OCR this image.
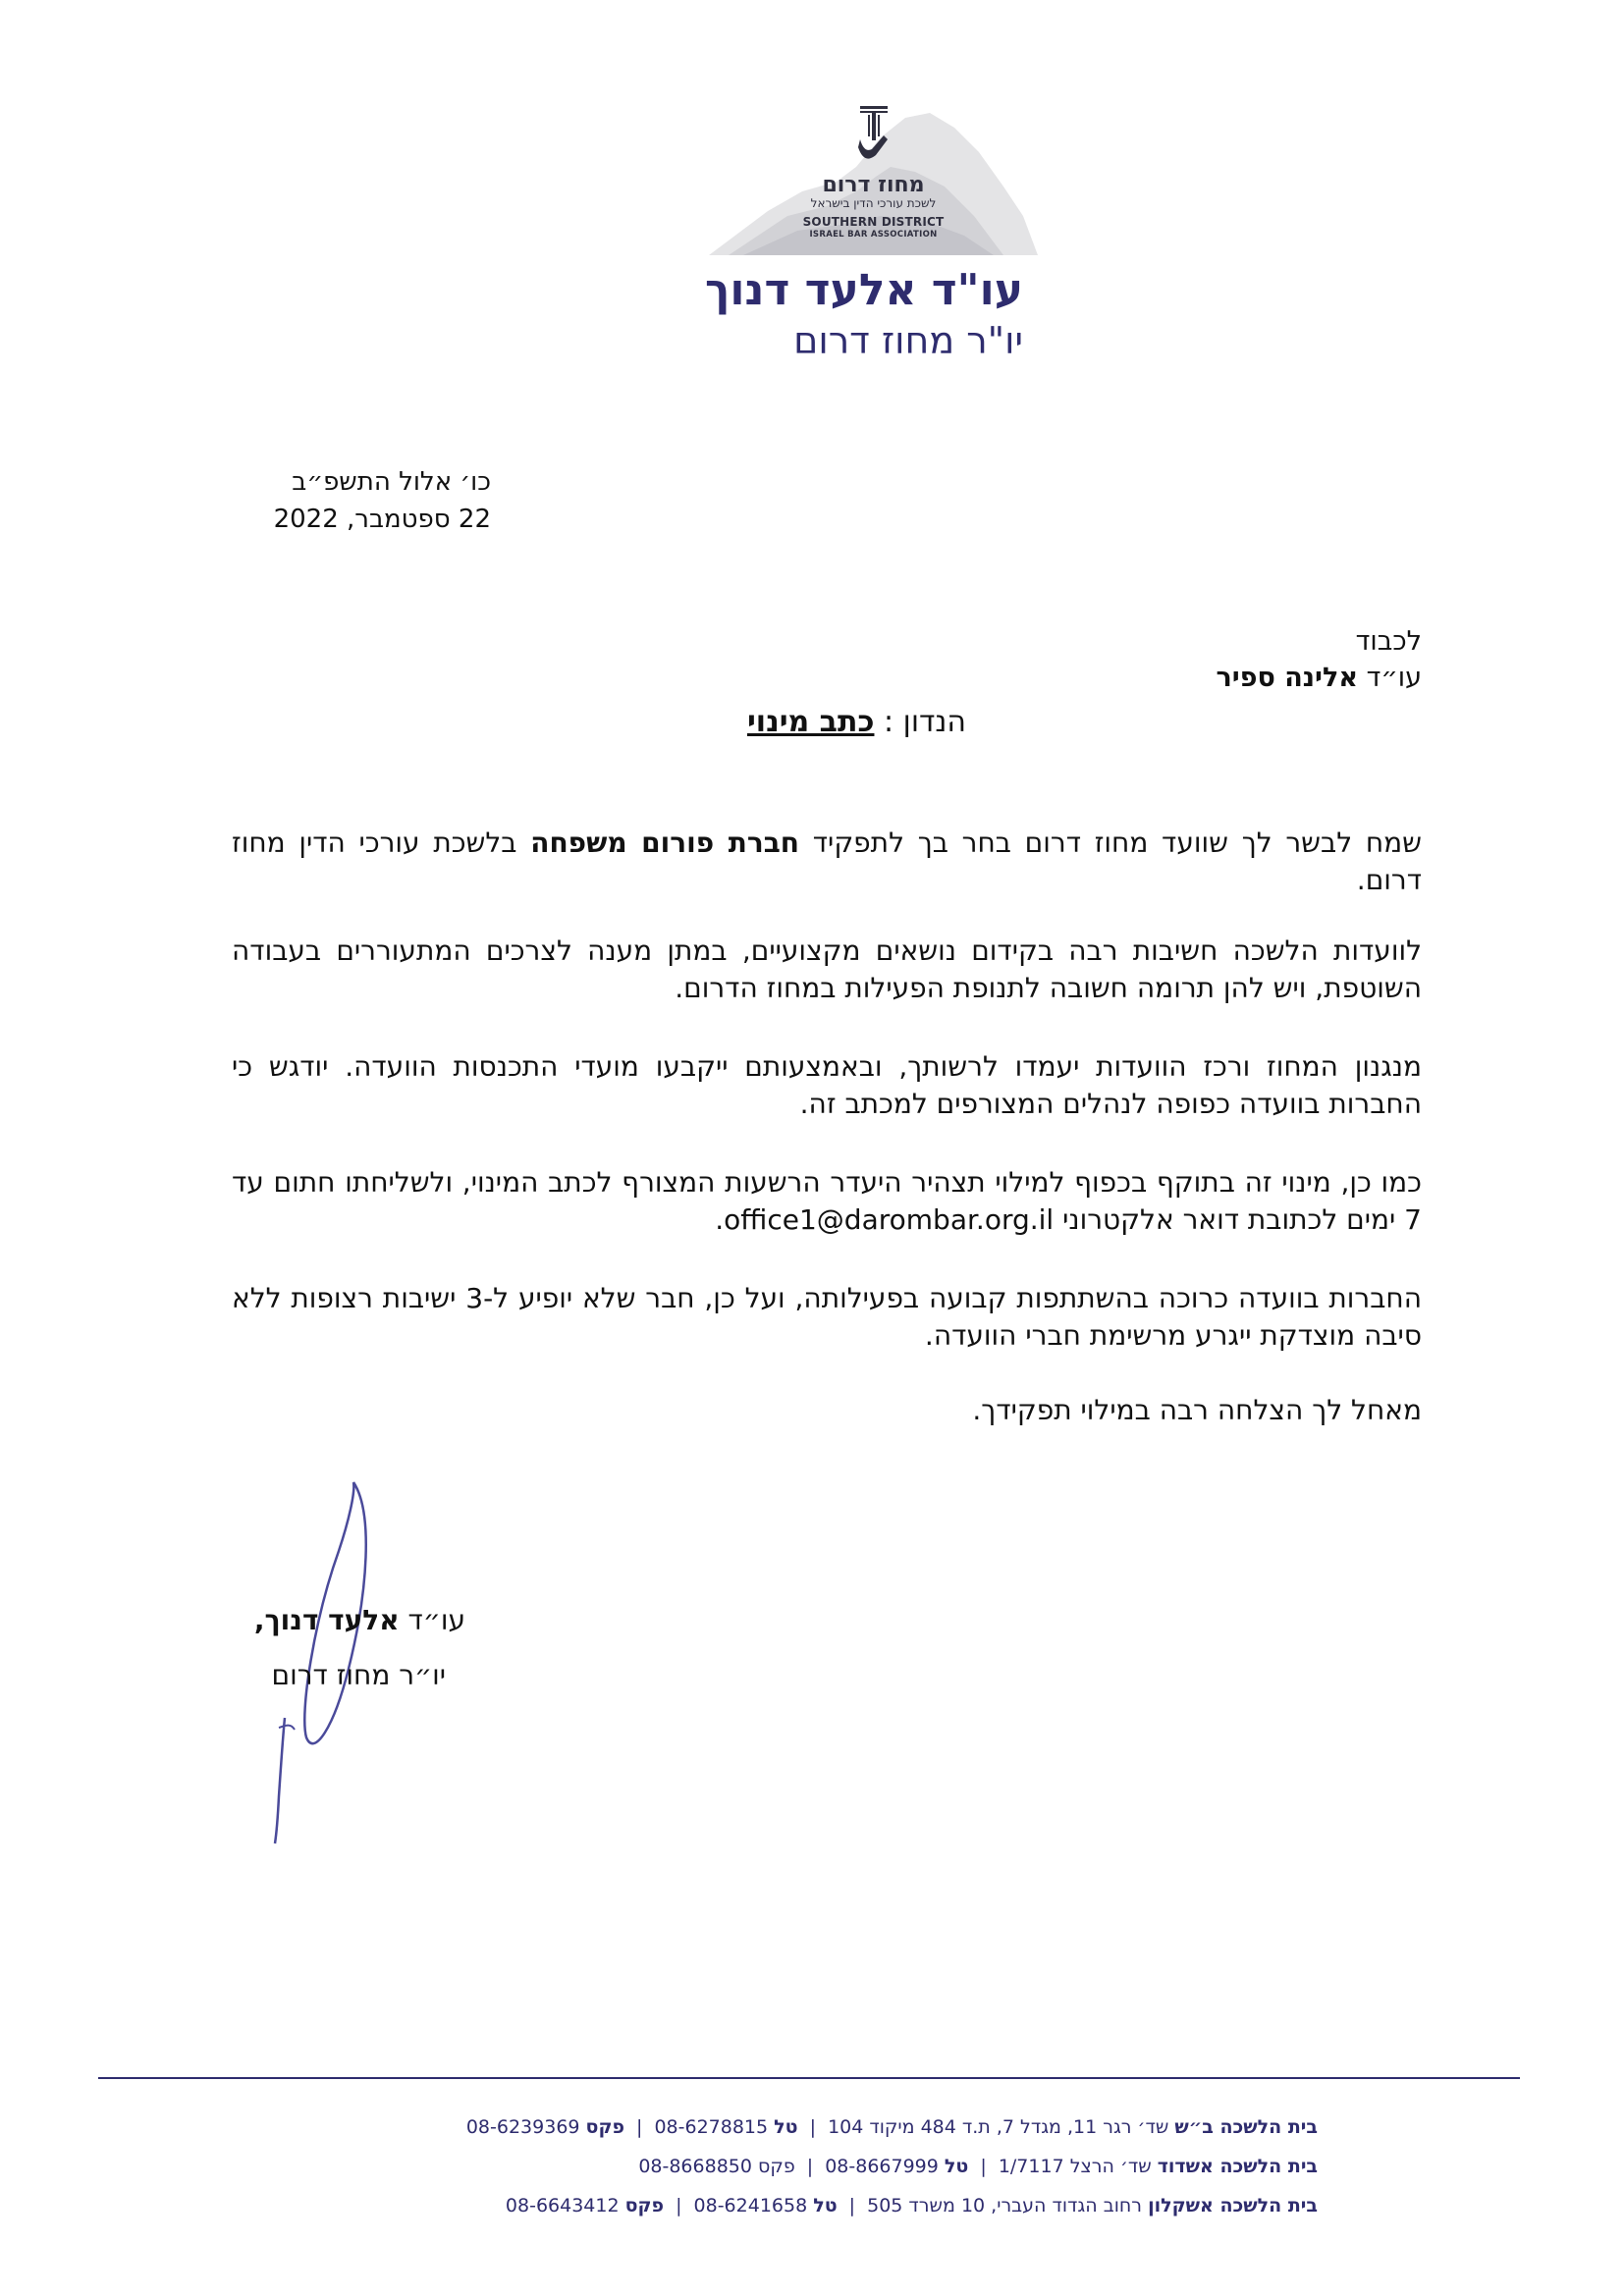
מחוז דרום
לשכת עורכי הדין בישראל
SOUTHERN DISTRICT
ISRAEL BAR ASSOCIATION
עו"ד אלעד דנוך
יו"ר מחוז דרום
כו׳ אלול התשפ״ב
22 ספטמבר, 2022
לכבוד
עו״ד אלינה ספיר
הנדון : כתב מינוי
שמח לבשר לך שוועד מחוז דרום בחר בך לתפקיד חברת פורום משפחה בלשכת עורכי הדין מחוז דרום.
לוועדות הלשכה חשיבות רבה בקידום נושאים מקצועיים, במתן מענה לצרכים המתעוררים בעבודה השוטפת, ויש להן תרומה חשובה לתנופת הפעילות במחוז הדרום.
מנגנון המחוז ורכז הוועדות יעמדו לרשותך, ובאמצעותם ייקבעו מועדי התכנסות הוועדה. יודגש כי החברות בוועדה כפופה לנהלים המצורפים למכתב זה.
כמו כן, מינוי זה בתוקף בכפוף למילוי תצהיר היעדר הרשעות המצורף לכתב המינוי, ולשליחתו חתום עד 7 ימים לכתובת דואר אלקטרוני office1@darombar.org.il.
החברות בוועדה כרוכה בהשתתפות קבועה בפעילותה, ועל כן, חבר שלא יופיע ל-3 ישיבות רצופות ללא סיבה מוצדקת ייגרע מרשימת חברי הוועדה.
מאחל לך הצלחה רבה במילוי תפקידך.
עו״ד אלעד דנוך,
יו״ר מחוז דרום
בית הלשכה ב״ש שד׳ רגר 11, מגדל 7, ת.ד 484 מיקוד 104 | טל 08-6278815 | פקס 08-6239369
בית הלשכה אשדוד שד׳ הרצל 1/7117 | טל 08-8667999 | פקס 08-8668850
בית הלשכה אשקלון רחוב הגדוד העברי, 10 משרד 505 | טל 08-6241658 | פקס 08-6643412
